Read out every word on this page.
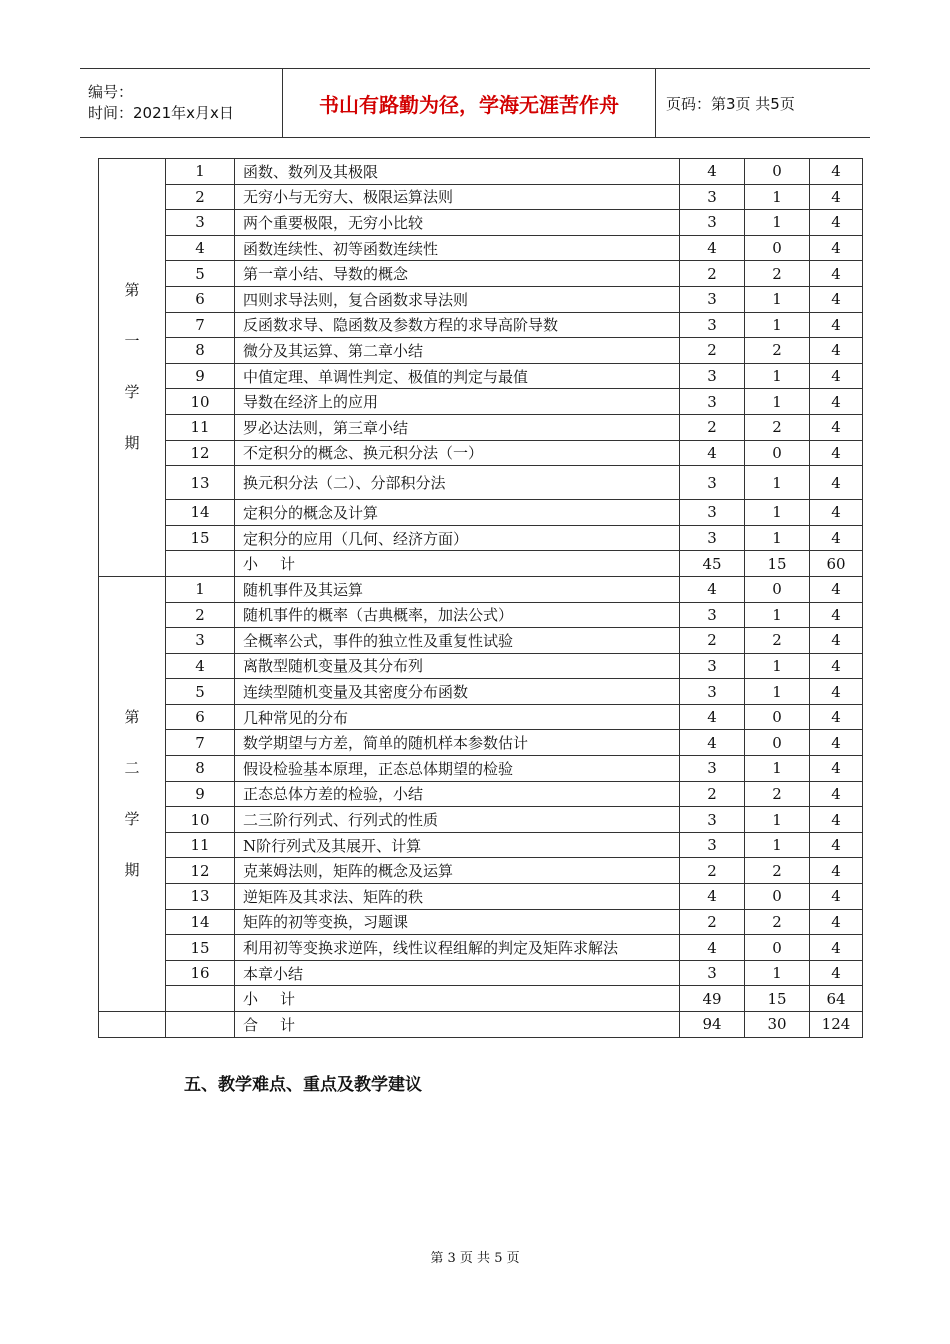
编号：
时间：2021年x月x日	书山有路勤为径，学海无涯苦作舟	页码：第3页 共5页
第
一
学
期	1	函数、数列及其极限	4	0	4
	2	无穷小与无穷大、极限运算法则	3	1	4
	3	两个重要极限，无穷小比较	3	1	4
	4	函数连续性、初等函数连续性	4	0	4
	5	第一章小结、导数的概念	2	2	4
	6	四则求导法则，复合函数求导法则	3	1	4
	7	反函数求导、隐函数及参数方程的求导高阶导数	3	1	4
	8	微分及其运算、第二章小结	2	2	4
	9	中值定理、单调性判定、极值的判定与最值	3	1	4
	10	导数在经济上的应用	3	1	4
	11	罗必达法则，第三章小结	2	2	4
	12	不定积分的概念、换元积分法（一）	4	0	4
	13	换元积分法（二）、分部积分法	3	1	4
	14	定积分的概念及计算	3	1	4
	15	定积分的应用（几何、经济方面）	3	1	4
		小 计	45	15	60

第
二
学
期	1	随机事件及其运算	4	0	4
	2	随机事件的概率（古典概率，加法公式）	3	1	4
	3	全概率公式，事件的独立性及重复性试验	2	2	4
	4	离散型随机变量及其分布列	3	1	4
	5	连续型随机变量及其密度分布函数	3	1	4
	6	几种常见的分布	4	0	4
	7	数学期望与方差，简单的随机样本参数估计	4	0	4
	8	假设检验基本原理，正态总体期望的检验	3	1	4
	9	正态总体方差的检验，小结	2	2	4
	10	二三阶行列式、行列式的性质	3	1	4
	11	N阶行列式及其展开、计算	3	1	4
	12	克莱姆法则，矩阵的概念及运算	2	2	4
	13	逆矩阵及其求法、矩阵的秩	4	0	4
	14	矩阵的初等变换，习题课	2	2	4
	15	利用初等变换求逆阵，线性议程组解的判定及矩阵求解法	4	0	4
	16	本章小结	3	1	4
		小 计	49	15	64
		合 计	94	30	124
五、教学难点、重点及教学建议
第 3 页 共 5 页
